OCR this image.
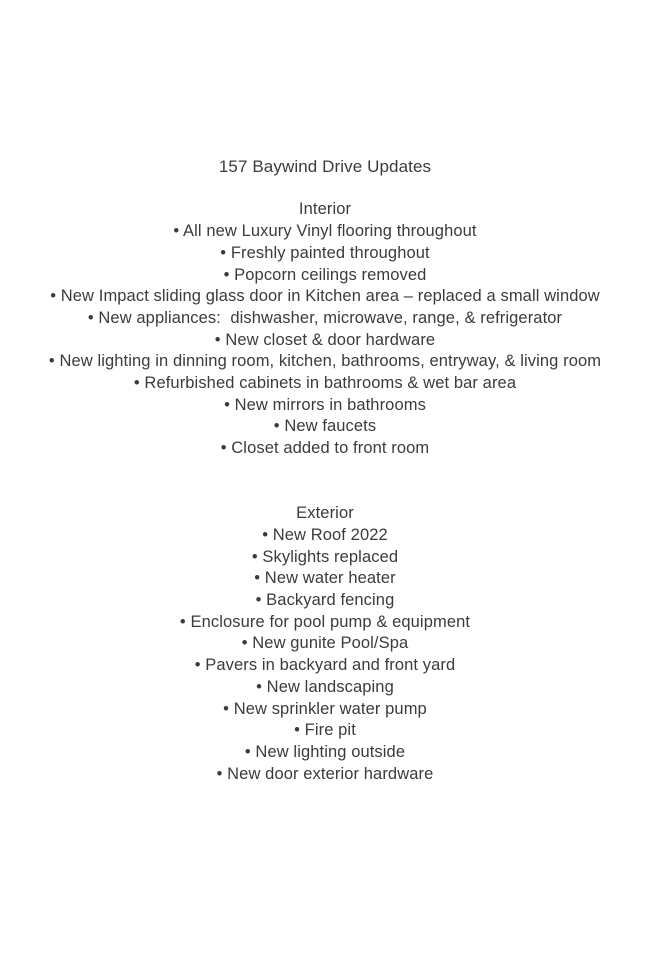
157 Baywind Drive Updates
Interior
• All new Luxury Vinyl flooring throughout
• Freshly painted throughout
• Popcorn ceilings removed
• New Impact sliding glass door in Kitchen area – replaced a small window
• New appliances:  dishwasher, microwave, range, & refrigerator
• New closet & door hardware
• New lighting in dinning room, kitchen, bathrooms, entryway, & living room
• Refurbished cabinets in bathrooms & wet bar area
• New mirrors in bathrooms
• New faucets
• Closet added to front room
Exterior
• New Roof 2022
• Skylights replaced
• New water heater
• Backyard fencing
• Enclosure for pool pump & equipment
• New gunite Pool/Spa
• Pavers in backyard and front yard
• New landscaping
• New sprinkler water pump
• Fire pit
• New lighting outside
• New door exterior hardware
